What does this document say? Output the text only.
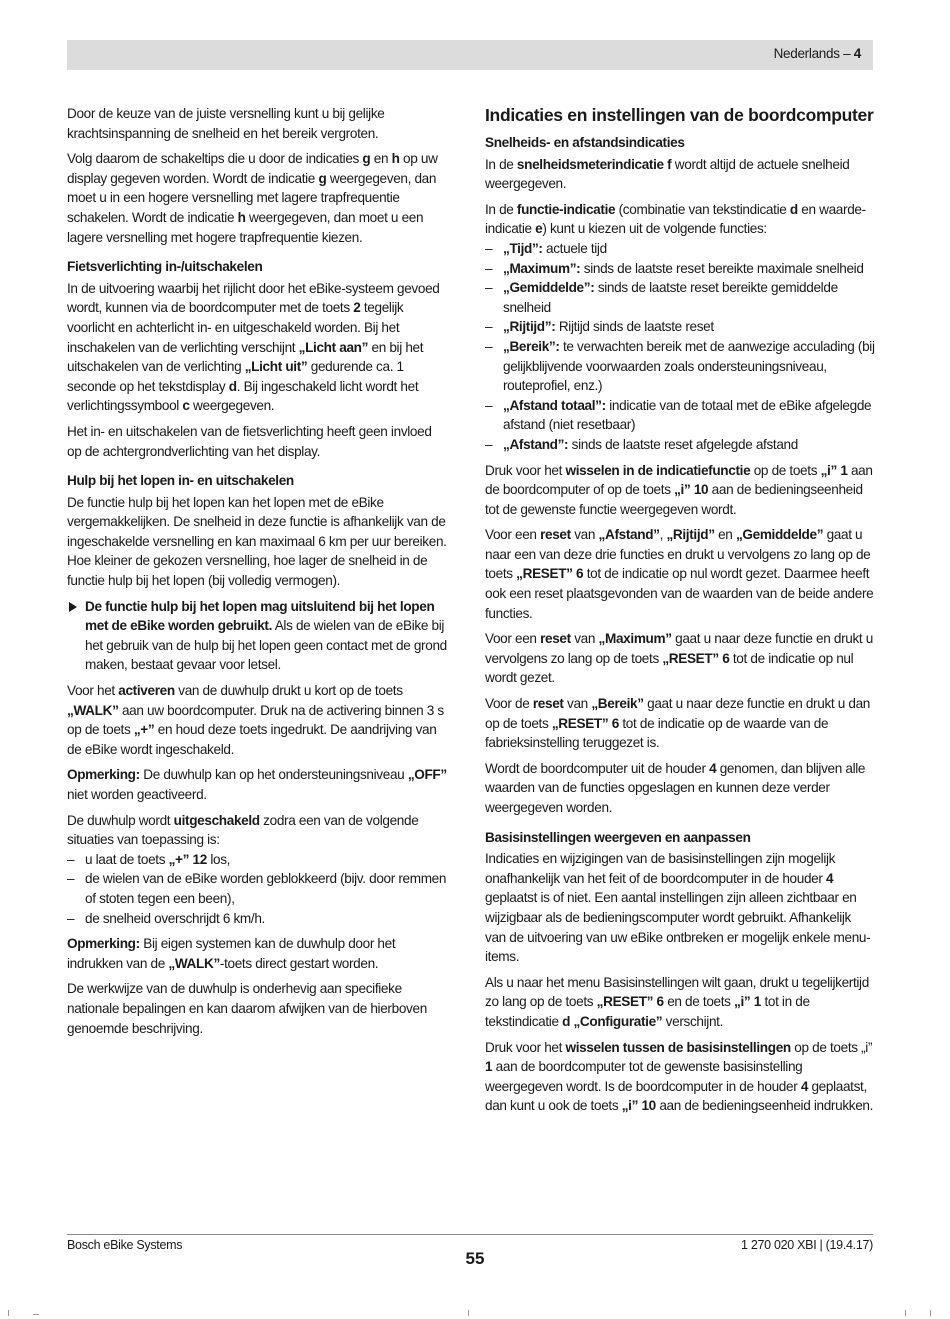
Nederlands – 4

Door de keuze van de juiste versnelling kunt u bij gelijke krachtsinspanning de snelheid en het bereik vergroten.

Volg daarom de schakeltips die u door de indicaties g en h op uw display gegeven worden. Wordt de indicatie g weergegeven, dan moet u in een hogere versnelling met lagere trapfrequentie schakelen. Wordt de indicatie h weergegeven, dan moet u een lagere versnelling met hogere trapfrequentie kiezen.

Fietsverlichting in-/uitschakelen

In de uitvoering waarbij het rijlicht door het eBike-systeem gevoed wordt, kunnen via de boordcomputer met de toets 2 tegelijk voorlicht en achterlicht in- en uitgeschakeld worden. Bij het inschakelen van de verlichting verschijnt „Licht aan” en bij het uitschakelen van de verlichting „Licht uit” gedurende ca. 1 seconde op het tekstdisplay d. Bij ingeschakeld licht wordt het verlichtingssymbool c weergegeven.

Het in- en uitschakelen van de fietsverlichting heeft geen invloed op de achtergrondverlichting van het display.

Hulp bij het lopen in- en uitschakelen

De functie hulp bij het lopen kan het lopen met de eBike vergemakkelijken. De snelheid in deze functie is afhankelijk van de ingeschakelde versnelling en kan maximaal 6 km per uur bereiken. Hoe kleiner de gekozen versnelling, hoe lager de snelheid in de functie hulp bij het lopen (bij volledig vermogen).

De functie hulp bij het lopen mag uitsluitend bij het lopen met de eBike worden gebruikt. Als de wielen van de eBike bij het gebruik van de hulp bij het lopen geen contact met de grond maken, bestaat gevaar voor letsel.

Voor het activeren van de duwhulp drukt u kort op de toets „WALK” aan uw boordcomputer. Druk na de activering binnen 3 s op de toets „+” en houd deze toets ingedrukt. De aandrijving van de eBike wordt ingeschakeld.

Opmerking: De duwhulp kan op het ondersteuningsniveau „OFF” niet worden geactiveerd.

De duwhulp wordt uitgeschakeld zodra een van de volgende situaties van toepassing is:

– u laat de toets „+” 12 los,
– de wielen van de eBike worden geblokkeerd (bijv. door remmen of stoten tegen een been),
– de snelheid overschrijdt 6 km/h.

Opmerking: Bij eigen systemen kan de duwhulp door het indrukken van de „WALK”-toets direct gestart worden.

De werkwijze van de duwhulp is onderhevig aan specifieke nationale bepalingen en kan daarom afwijken van de hierboven genoemde beschrijving.

Indicaties en instellingen van de boordcomputer
Snelheids- en afstandsindicaties

In de snelheidsmeterindicatie f wordt altijd de actuele snelheid weergegeven.

In de functie-indicatie (combinatie van tekstindicatie d en waarde-indicatie e) kunt u kiezen uit de volgende functies:

– „Tijd”: actuele tijd
– „Maximum”: sinds de laatste reset bereikte maximale snelheid
– „Gemiddelde”: sinds de laatste reset bereikte gemiddelde snelheid
– „Rijtijd”: Rijtijd sinds de laatste reset
– „Bereik”: te verwachten bereik met de aanwezige acculading (bij gelijkblijvende voorwaarden zoals ondersteuningsniveau, routeprofiel, enz.)
– „Afstand totaal”: indicatie van de totaal met de eBike afgelegde afstand (niet resetbaar)
– „Afstand”: sinds de laatste reset afgelegde afstand

Druk voor het wisselen in de indicatiefunctie op de toets „i” 1 aan de boordcomputer of op de toets „i” 10 aan de bedieningseenheid tot de gewenste functie weergegeven wordt.

Voor een reset van „Afstand”, „Rijtijd” en „Gemiddelde” gaat u naar een van deze drie functies en drukt u vervolgens zo lang op de toets „RESET” 6 tot de indicatie op nul wordt gezet. Daarmee heeft ook een reset plaatsgevonden van de waarden van de beide andere functies.

Voor een reset van „Maximum” gaat u naar deze functie en drukt u vervolgens zo lang op de toets „RESET” 6 tot de indicatie op nul wordt gezet.

Voor de reset van „Bereik” gaat u naar deze functie en drukt u dan op de toets „RESET” 6 tot de indicatie op de waarde van de fabrieksinstelling teruggezet is.

Wordt de boordcomputer uit de houder 4 genomen, dan blijven alle waarden van de functies opgeslagen en kunnen deze verder weergegeven worden.

Basisinstellingen weergeven en aanpassen

Indicaties en wijzigingen van de basisinstellingen zijn mogelijk onafhankelijk van het feit of de boordcomputer in de houder 4 geplaatst is of niet. Een aantal instellingen zijn alleen zichtbaar en wijzigbaar als de bedieningscomputer wordt gebruikt. Afhankelijk van de uitvoering van uw eBike ontbreken er mogelijk enkele menu-items.

Als u naar het menu Basisinstellingen wilt gaan, drukt u tegelijkertijd zo lang op de toets „RESET” 6 en de toets „i” 1 tot in de tekstindicatie d „Configuratie” verschijnt.

Druk voor het wisselen tussen de basisinstellingen op de toets „i” 1 aan de boordcomputer tot de gewenste basisinstelling weergegeven wordt. Is de boordcomputer in de houder 4 geplaatst, dan kunt u ook de toets „i” 10 aan de bedieningseenheid indrukken.

Bosch eBike Systems
55
1 270 020 XBI | (19.4.17)
